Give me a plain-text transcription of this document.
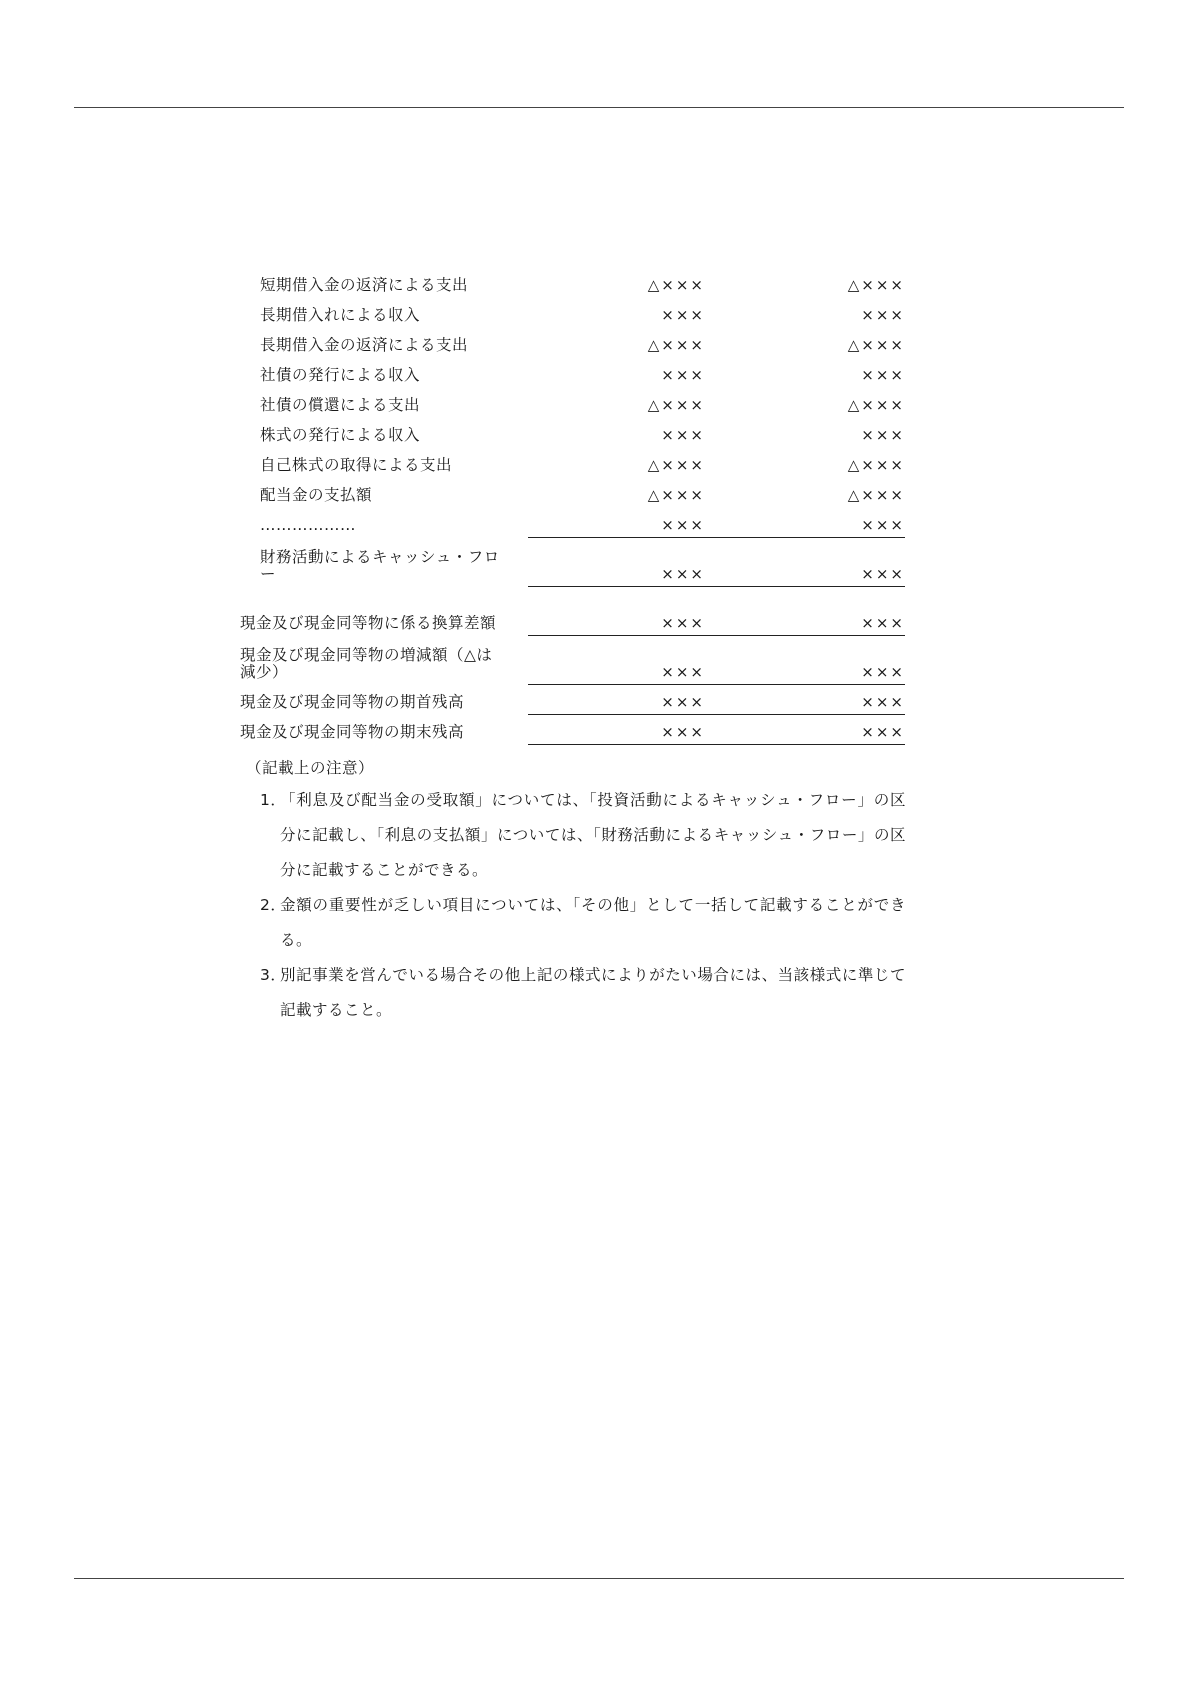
短期借入金の返済による支出	△×××	△×××
長期借入れによる収入	×××	×××
長期借入金の返済による支出	△×××	△×××
社債の発行による収入	×××	×××
社債の償還による支出	△×××	△×××
株式の発行による収入	×××	×××
自己株式の取得による支出	△×××	△×××
配当金の支払額	△×××	△×××
………………	×××	×××
財務活動によるキャッシュ・フロー	×××	×××
現金及び現金同等物に係る換算差額	×××	×××
現金及び現金同等物の増減額（△は減少）	×××	×××
現金及び現金同等物の期首残高	×××	×××
現金及び現金同等物の期末残高	×××	×××
（記載上の注意）
1．
「利息及び配当金の受取額」については、「投資活動によるキャッシュ・フロー」の区分に記載し、「利息の支払額」については、「財務活動によるキャッシュ・フロー」の区分に記載することができる。
2．
金額の重要性が乏しい項目については、「その他」として一括して記載することができる。
3．
別記事業を営んでいる場合その他上記の様式によりがたい場合には、当該様式に準じて記載すること。
